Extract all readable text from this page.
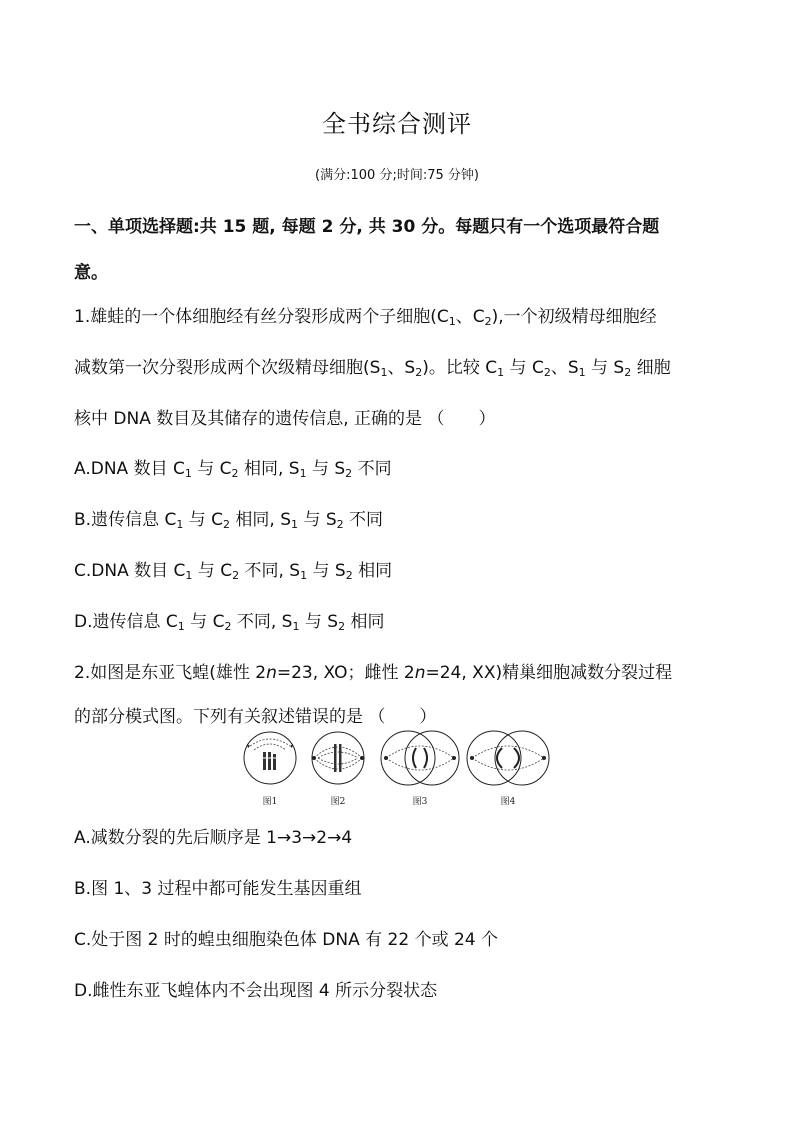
全书综合测评
(满分:100 分;时间:75 分钟)
一、单项选择题:共 15 题, 每题 2 分, 共 30 分。每题只有一个选项最符合题
意。
1.雄蛙的一个体细胞经有丝分裂形成两个子细胞($C_1$、$C_2$),一个初级精母细胞经
减数第一次分裂形成两个次级精母细胞($S_1$、$S_2$)。比较 $C_1$ 与 $C_2$、$S_1$ 与 $S_2$ 细胞
核中 DNA 数目及其储存的遗传信息, 正确的是 （　　）
A.DNA 数目 $C_1$ 与 $C_2$ 相同, $S_1$ 与 $S_2$ 不同
B.遗传信息 $C_1$ 与 $C_2$ 相同, $S_1$ 与 $S_2$ 不同
C.DNA 数目 $C_1$ 与 $C_2$ 不同, $S_1$ 与 $S_2$ 相同
D.遗传信息 $C_1$ 与 $C_2$ 不同, $S_1$ 与 $S_2$ 相同
2.如图是东亚飞蝗(雄性 2n=23, XO；雌性 2n=24, XX)精巢细胞减数分裂过程
的部分模式图。下列有关叙述错误的是 （　　）
图1	图2	图3	图4
A.减数分裂的先后顺序是 1→3→2→4
B.图 1、3 过程中都可能发生基因重组
C.处于图 2 时的蝗虫细胞染色体 DNA 有 22 个或 24 个
D.雌性东亚飞蝗体内不会出现图 4 所示分裂状态
